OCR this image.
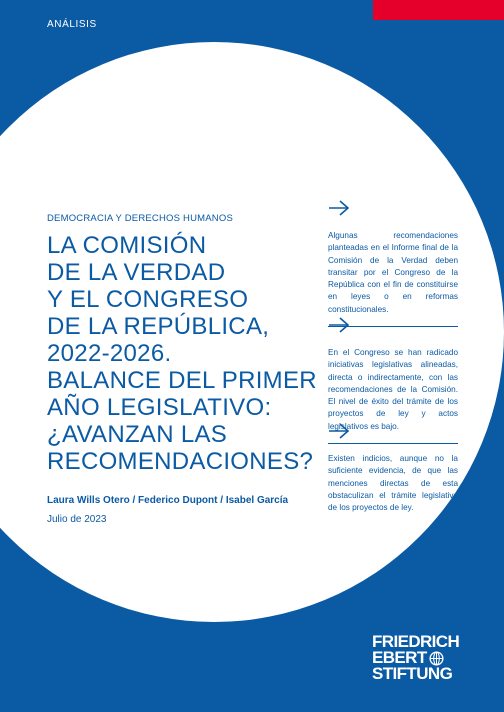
ANÁLISIS
DEMOCRACIA Y DERECHOS HUMANOS
LA COMISIÓN
DE LA VERDAD
Y EL CONGRESO
DE LA REPÚBLICA,
2022-2026.
BALANCE DEL PRIMER
AÑO LEGISLATIVO:
¿AVANZAN LAS
RECOMENDACIONES?
Laura Wills Otero / Federico Dupont / Isabel García
Julio de 2023
Algunas recomendaciones planteadas en el Informe final de la Comisión de la Verdad deben transitar por el Congreso de la República con el fin de constituirse en leyes o en reformas constitucionales.
En el Congreso se han radicado iniciativas legislativas alineadas, directa o indirectamente, con las recomendaciones de la Comisión. El nivel de éxito del trámite de los proyectos de ley y actos legislativos es bajo.
Existen indicios, aunque no la suficiente evidencia, de que las menciones directas de esta obstaculizan el trámite legislativo de los proyectos de ley.
FRIEDRICH
EBERT
STIFTUNG
